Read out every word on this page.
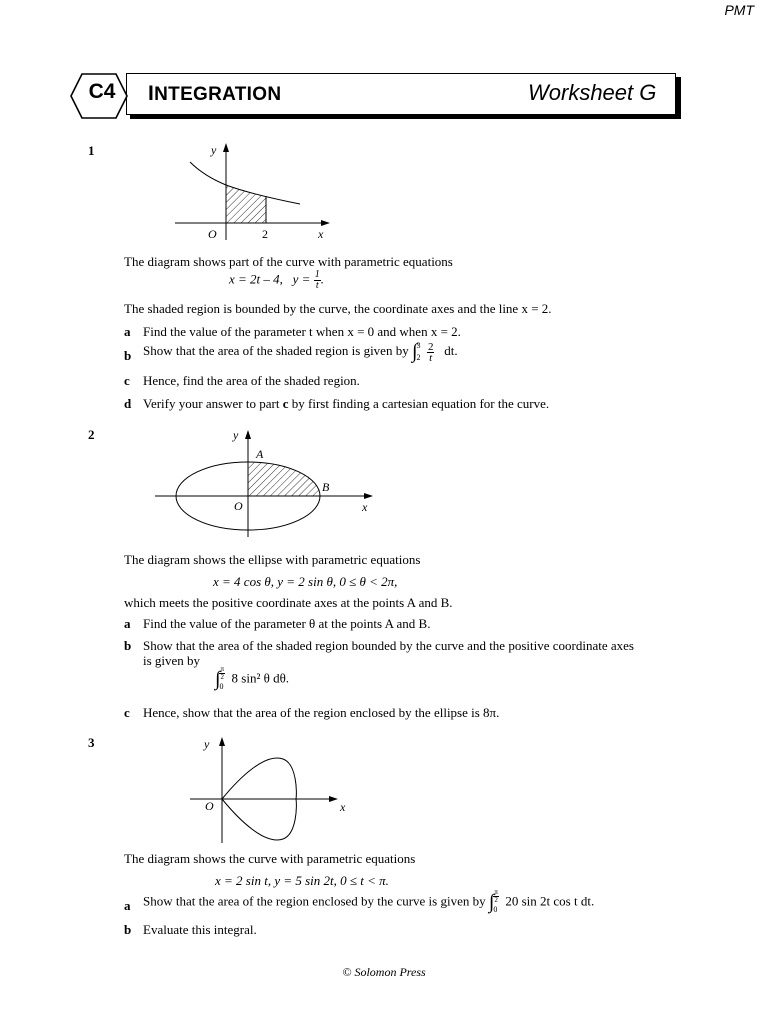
PMT
C4	INTEGRATION	Worksheet G
1	y
O	2	x
The diagram shows part of the curve with parametric equations
x = 2t – 4, $y = \frac{1}{t}$ .
The shaded region is bounded by the curve, the coordinate axes and the line x = 2.
a Find the value of the parameter t when x = 0 and when x = 2.
b Show that the area of the shaded region is given by ∫ 3
2
$\frac{2}{t}$ dt.
c Hence, find the area of the shaded region.
d Verify your answer to part c by first finding a cartesian equation for the curve.
2	y
A
B
O	x
The diagram shows the ellipse with parametric equations
x = 4 cos θ, y = 2 sin θ, 0 ≤ θ < 2π,
which meets the positive coordinate axes at the points A and B.
a Find the value of the parameter θ at the points A and B.
b Show that the area of the shaded region bounded by the curve and the positive coordinate axes
is given by
∫ π
2
0
8 sin² θ dθ.
c Hence, show that the area of the region enclosed by the ellipse is 8π.
3	y
O	x
The diagram shows the curve with parametric equations
x = 2 sin t, y = 5 sin 2t, 0 ≤ t < π.
a Show that the area of the region enclosed by the curve is given by ∫ π
2
0
20 sin 2t cos t dt.
b Evaluate this integral.
© Solomon Press
